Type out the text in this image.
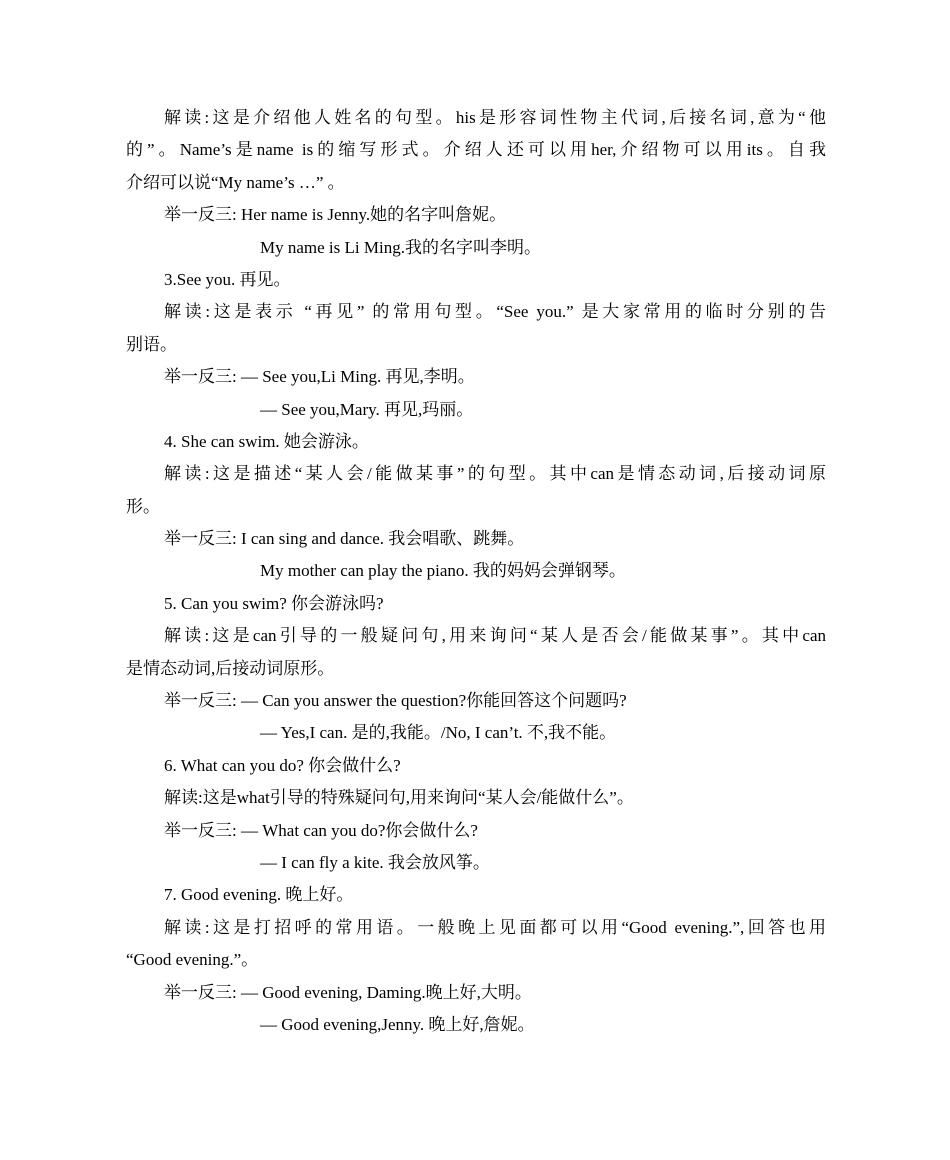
解读:这是介绍他人姓名的句型。his是形容词性物主代词,后接名词,意为“他
的”。Name’s是name is的缩写形式。介绍人还可以用her,介绍物可以用its。自我
介绍可以说“My name’s …” 。
举一反三: Her name is Jenny.她的名字叫詹妮。
My name is Li Ming.我的名字叫李明。
3.See you. 再见。
解读:这是表示 “再见” 的常用句型。“See you.” 是大家常用的临时分别的告
别语。
举一反三: — See you,Li Ming. 再见,李明。
— See you,Mary. 再见,玛丽。
4. She can swim. 她会游泳。
解读:这是描述“某人会/能做某事”的句型。其中can是情态动词,后接动词原
形。
举一反三: I can sing and dance. 我会唱歌、跳舞。
My mother can play the piano. 我的妈妈会弹钢琴。
5. Can you swim? 你会游泳吗?
解读:这是can引导的一般疑问句,用来询问“某人是否会/能做某事”。其中can
是情态动词,后接动词原形。
举一反三: — Can you answer the question?你能回答这个问题吗?
— Yes,I can. 是的,我能。/No, I can’t. 不,我不能。
6. What can you do? 你会做什么?
解读:这是what引导的特殊疑问句,用来询问“某人会/能做什么”。
举一反三: — What can you do?你会做什么?
— I can fly a kite. 我会放风筝。
7. Good evening. 晚上好。
解读:这是打招呼的常用语。一般晚上见面都可以用“Good evening.”,回答也用
“Good evening.”。
举一反三: — Good evening, Daming.晚上好,大明。
— Good evening,Jenny. 晚上好,詹妮。
